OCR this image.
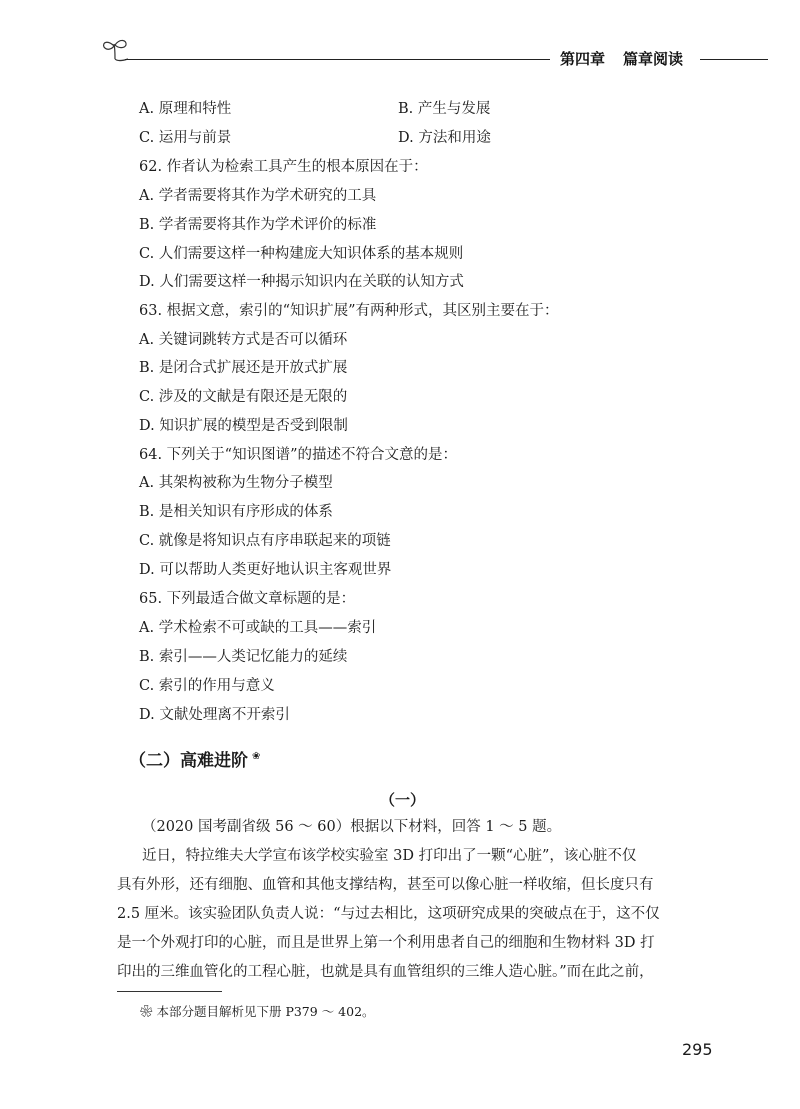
第四章 篇章阅读
A. 原理和特性	B. 产生与发展
C. 运用与前景	D. 方法和用途
62. 作者认为检索工具产生的根本原因在于：
A. 学者需要将其作为学术研究的工具
B. 学者需要将其作为学术评价的标准
C. 人们需要这样一种构建庞大知识体系的基本规则
D. 人们需要这样一种揭示知识内在关联的认知方式
63. 根据文意，索引的“知识扩展”有两种形式，其区别主要在于：
A. 关键词跳转方式是否可以循环
B. 是闭合式扩展还是开放式扩展
C. 涉及的文献是有限还是无限的
D. 知识扩展的模型是否受到限制
64. 下列关于“知识图谱”的描述不符合文意的是：
A. 其架构被称为生物分子模型
B. 是相关知识有序形成的体系
C. 就像是将知识点有序串联起来的项链
D. 可以帮助人类更好地认识主客观世界
65. 下列最适合做文章标题的是：
A. 学术检索不可或缺的工具——索引
B. 索引——人类记忆能力的延续
C. 索引的作用与意义
D. 文献处理离不开索引
（二）高难进阶 ❀
（一）
（2020 国考副省级 56 ～ 60）根据以下材料，回答 1 ～ 5 题。
近日，特拉维夫大学宣布该学校实验室 3D 打印出了一颗“心脏”，该心脏不仅
具有外形，还有细胞、血管和其他支撑结构，甚至可以像心脏一样收缩，但长度只有
2.5 厘米。该实验团队负责人说：“与过去相比，这项研究成果的突破点在于，这不仅
是一个外观打印的心脏，而且是世界上第一个利用患者自己的细胞和生物材料 3D 打
印出的三维血管化的工程心脏，也就是具有血管组织的三维人造心脏。”而在此之前，
❀ 本部分题目解析见下册 P379 ～ 402。
295
